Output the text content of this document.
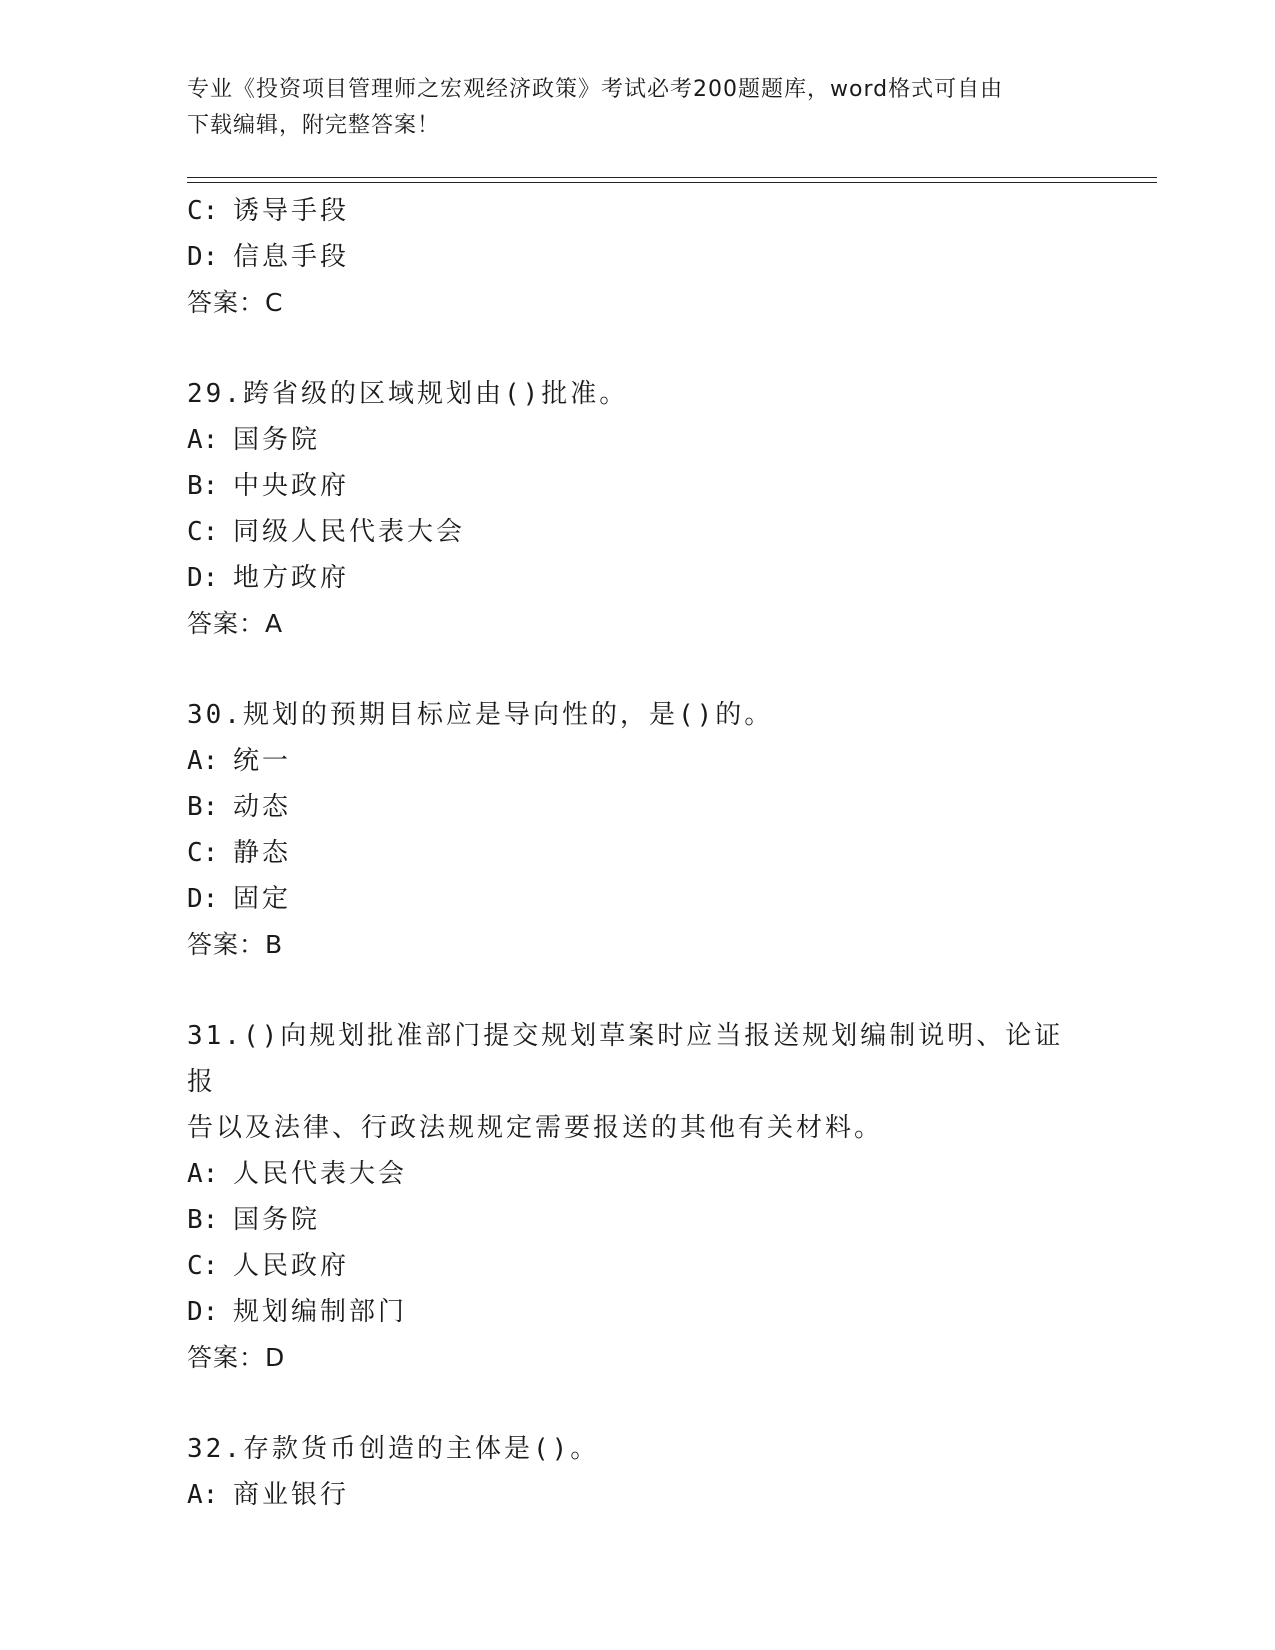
专业《投资项目管理师之宏观经济政策》考试必考200题题库，word格式可自由
下载编辑，附完整答案！
C: 诱导手段
D: 信息手段
答案：C
29.跨省级的区域规划由()批准。
A: 国务院
B: 中央政府
C: 同级人民代表大会
D: 地方政府
答案：A
30.规划的预期目标应是导向性的，是()的。
A: 统一
B: 动态
C: 静态
D: 固定
答案：B
31.()向规划批准部门提交规划草案时应当报送规划编制说明、论证报
告以及法律、行政法规规定需要报送的其他有关材料。
A: 人民代表大会
B: 国务院
C: 人民政府
D: 规划编制部门
答案：D
32.存款货币创造的主体是()。
A: 商业银行
